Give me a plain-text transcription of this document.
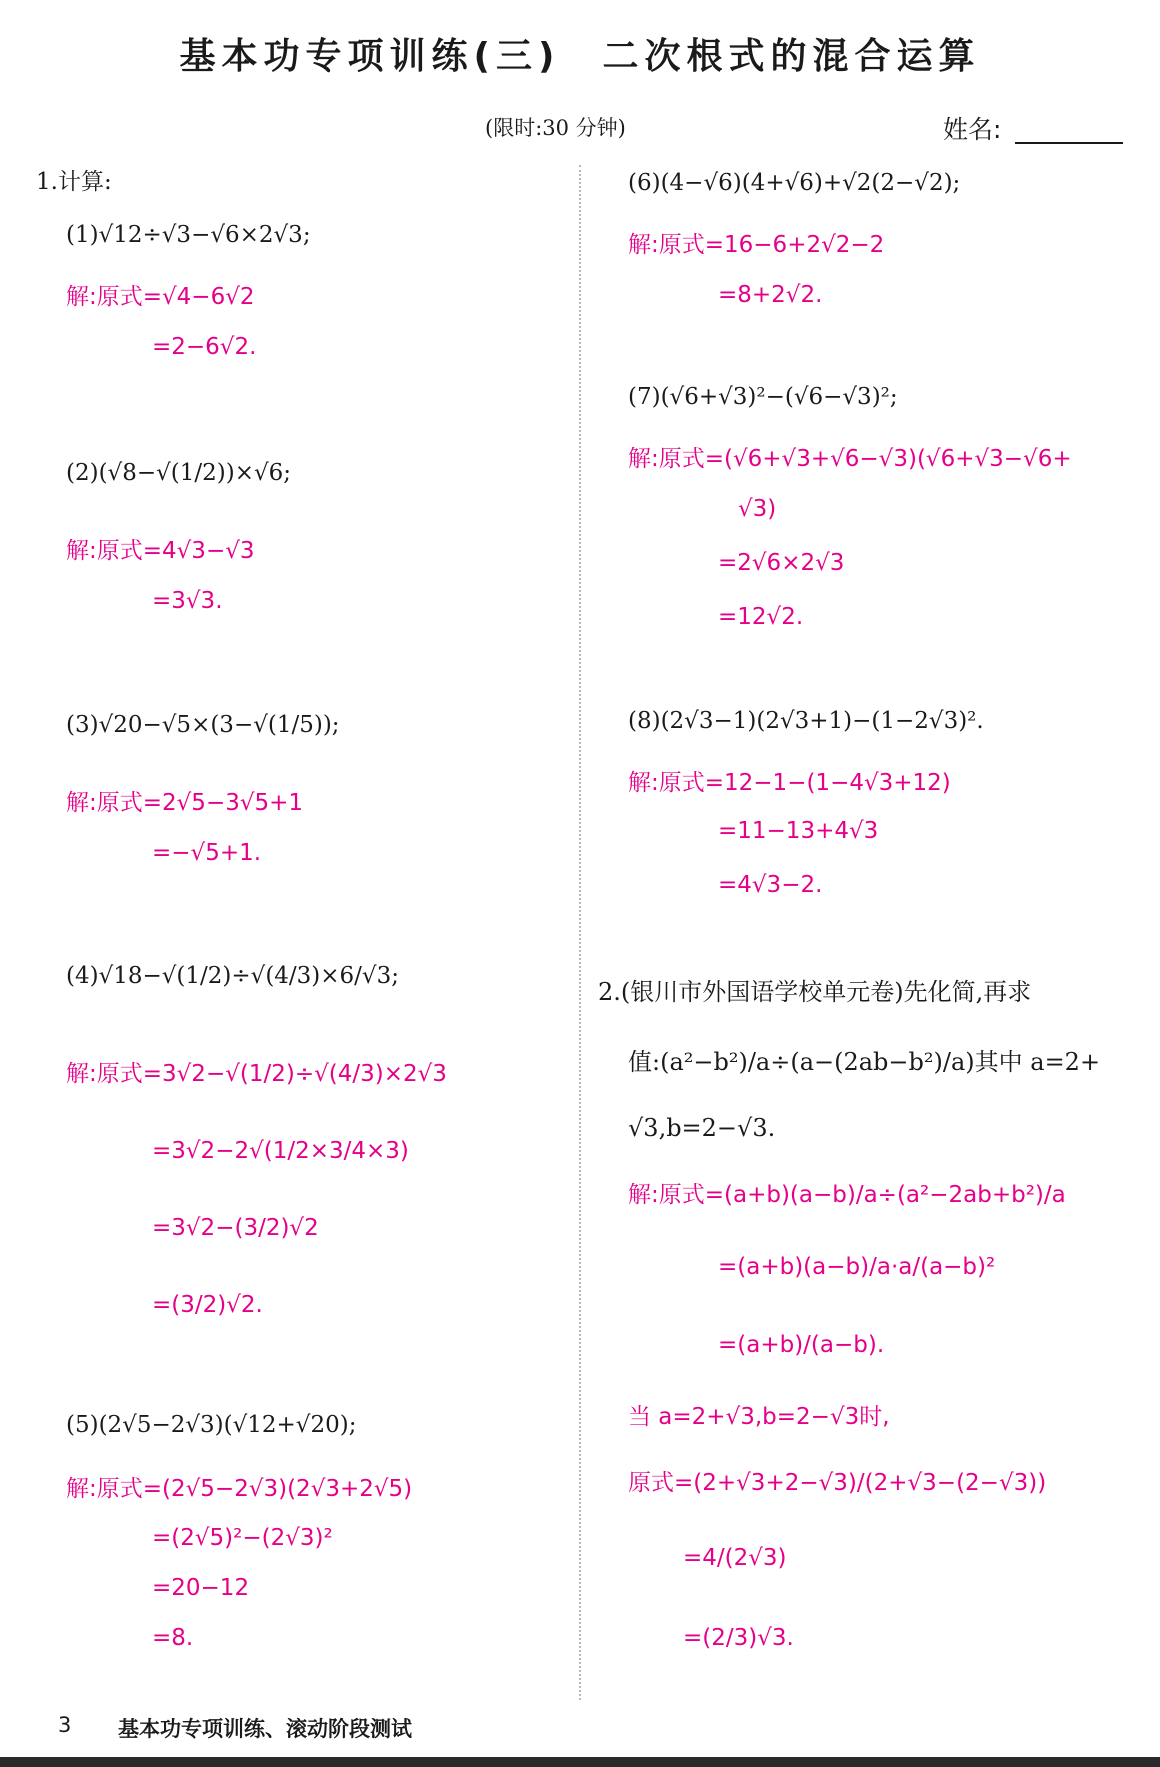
基本功专项训练(三)　二次根式的混合运算
(限时:30 分钟)	姓名:
1.计算:
(1)√12÷√3−√6×2√3;
解:原式=√4−6√2
=2−6√2.
(2)(√8−√(1/2))×√6;
解:原式=4√3−√3
=3√3.
(3)√20−√5×(3−√(1/5));
解:原式=2√5−3√5+1
=−√5+1.
(4)√18−√(1/2)÷√(4/3)×6/√3;
解:原式=3√2−√(1/2)÷√(4/3)×2√3
=3√2−2√(1/2×3/4×3)
=3√2−(3/2)√2
=(3/2)√2.
(5)(2√5−2√3)(√12+√20);
解:原式=(2√5−2√3)(2√3+2√5)
=(2√5)²−(2√3)²
=20−12
=8.
(6)(4−√6)(4+√6)+√2(2−√2);
解:原式=16−6+2√2−2
=8+2√2.
(7)(√6+√3)²−(√6−√3)²;
解:原式=(√6+√3+√6−√3)(√6+√3−√6+
√3)
=2√6×2√3
=12√2.
(8)(2√3−1)(2√3+1)−(1−2√3)².
解:原式=12−1−(1−4√3+12)
=11−13+4√3
=4√3−2.
2.(银川市外国语学校单元卷)先化简,再求
值:(a²−b²)/a÷(a−(2ab−b²)/a)其中 a=2+
√3,b=2−√3.
解:原式=(a+b)(a−b)/a÷(a²−2ab+b²)/a
=(a+b)(a−b)/a·a/(a−b)²
=(a+b)/(a−b).
当 a=2+√3,b=2−√3时,
原式=(2+√3+2−√3)/(2+√3−(2−√3))
=4/(2√3)
=(2/3)√3.
3 基本功专项训练、滚动阶段测试
